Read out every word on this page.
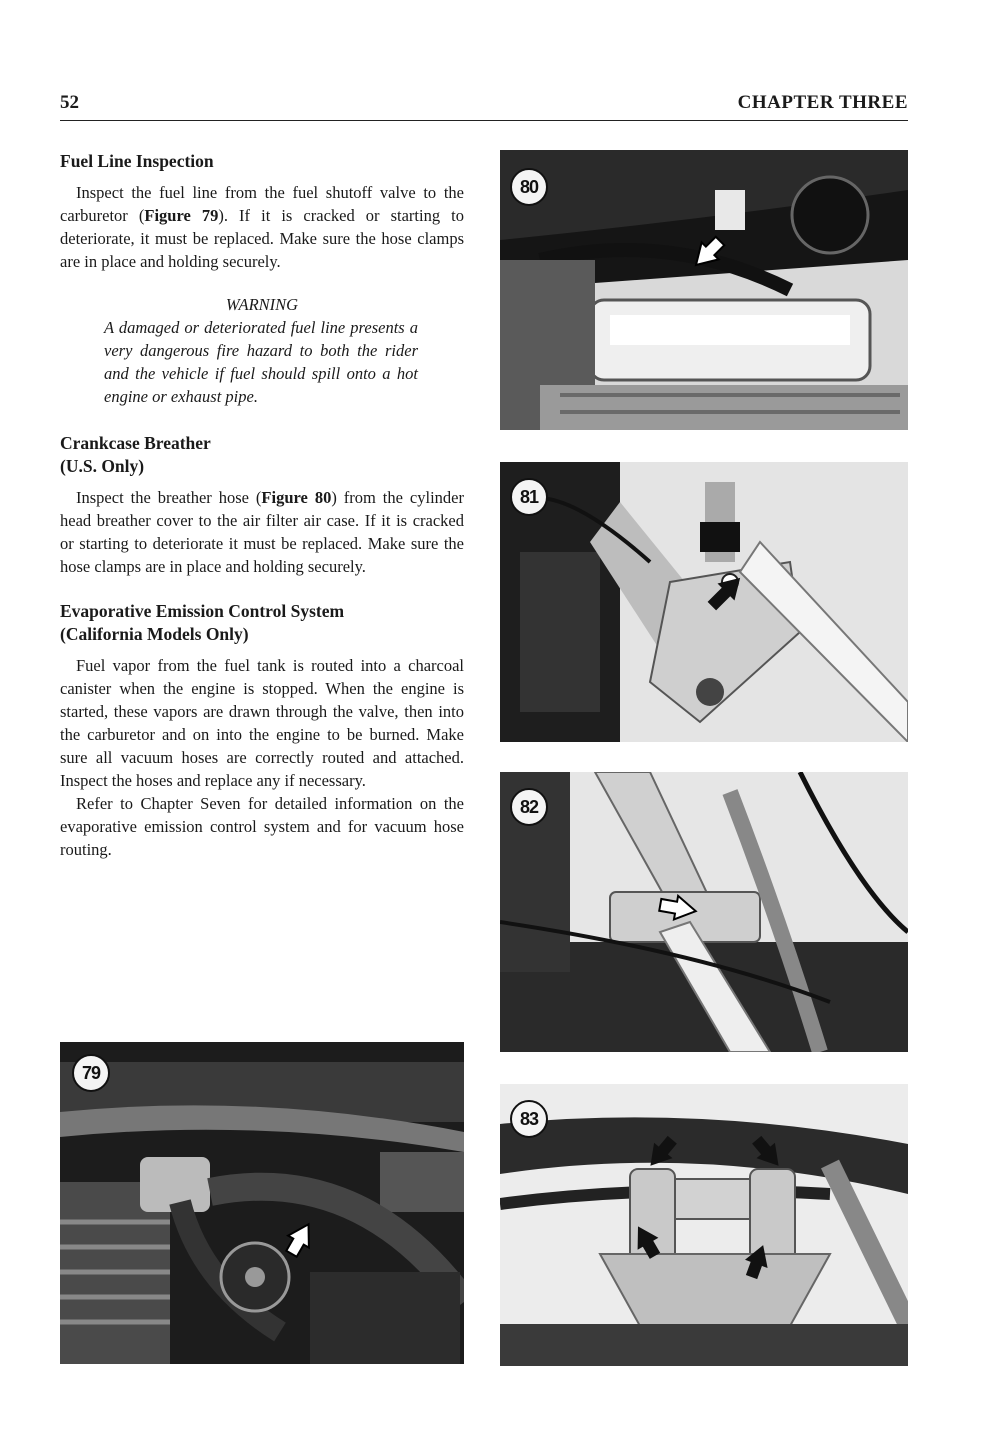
52	CHAPTER THREE

Fuel Line Inspection

Inspect the fuel line from the fuel shutoff valve to the carburetor (Figure 79). If it is cracked or starting to deteriorate, it must be replaced. Make sure the hose clamps are in place and holding securely.

WARNING

A damaged or deteriorated fuel line presents a very dangerous fire hazard to both the rider and the vehicle if fuel should spill onto a hot engine or exhaust pipe.

Crankcase Breather

(U.S. Only)

Inspect the breather hose (Figure 80) from the cylinder head breather cover to the air filter air case. If it is cracked or starting to deteriorate it must be replaced. Make sure the hose clamps are in place and holding securely.

Evaporative Emission Control System

(California Models Only)

Fuel vapor from the fuel tank is routed into a charcoal canister when the engine is stopped. When the engine is started, these vapors are drawn through the valve, then into the carburetor and on into the engine to be burned. Make sure all vacuum hoses are correctly routed and attached. Inspect the hoses and replace any if necessary.

Refer to Chapter Seven for detailed information on the evaporative emission control system and for vacuum hose routing.

79
80
81
82
83
